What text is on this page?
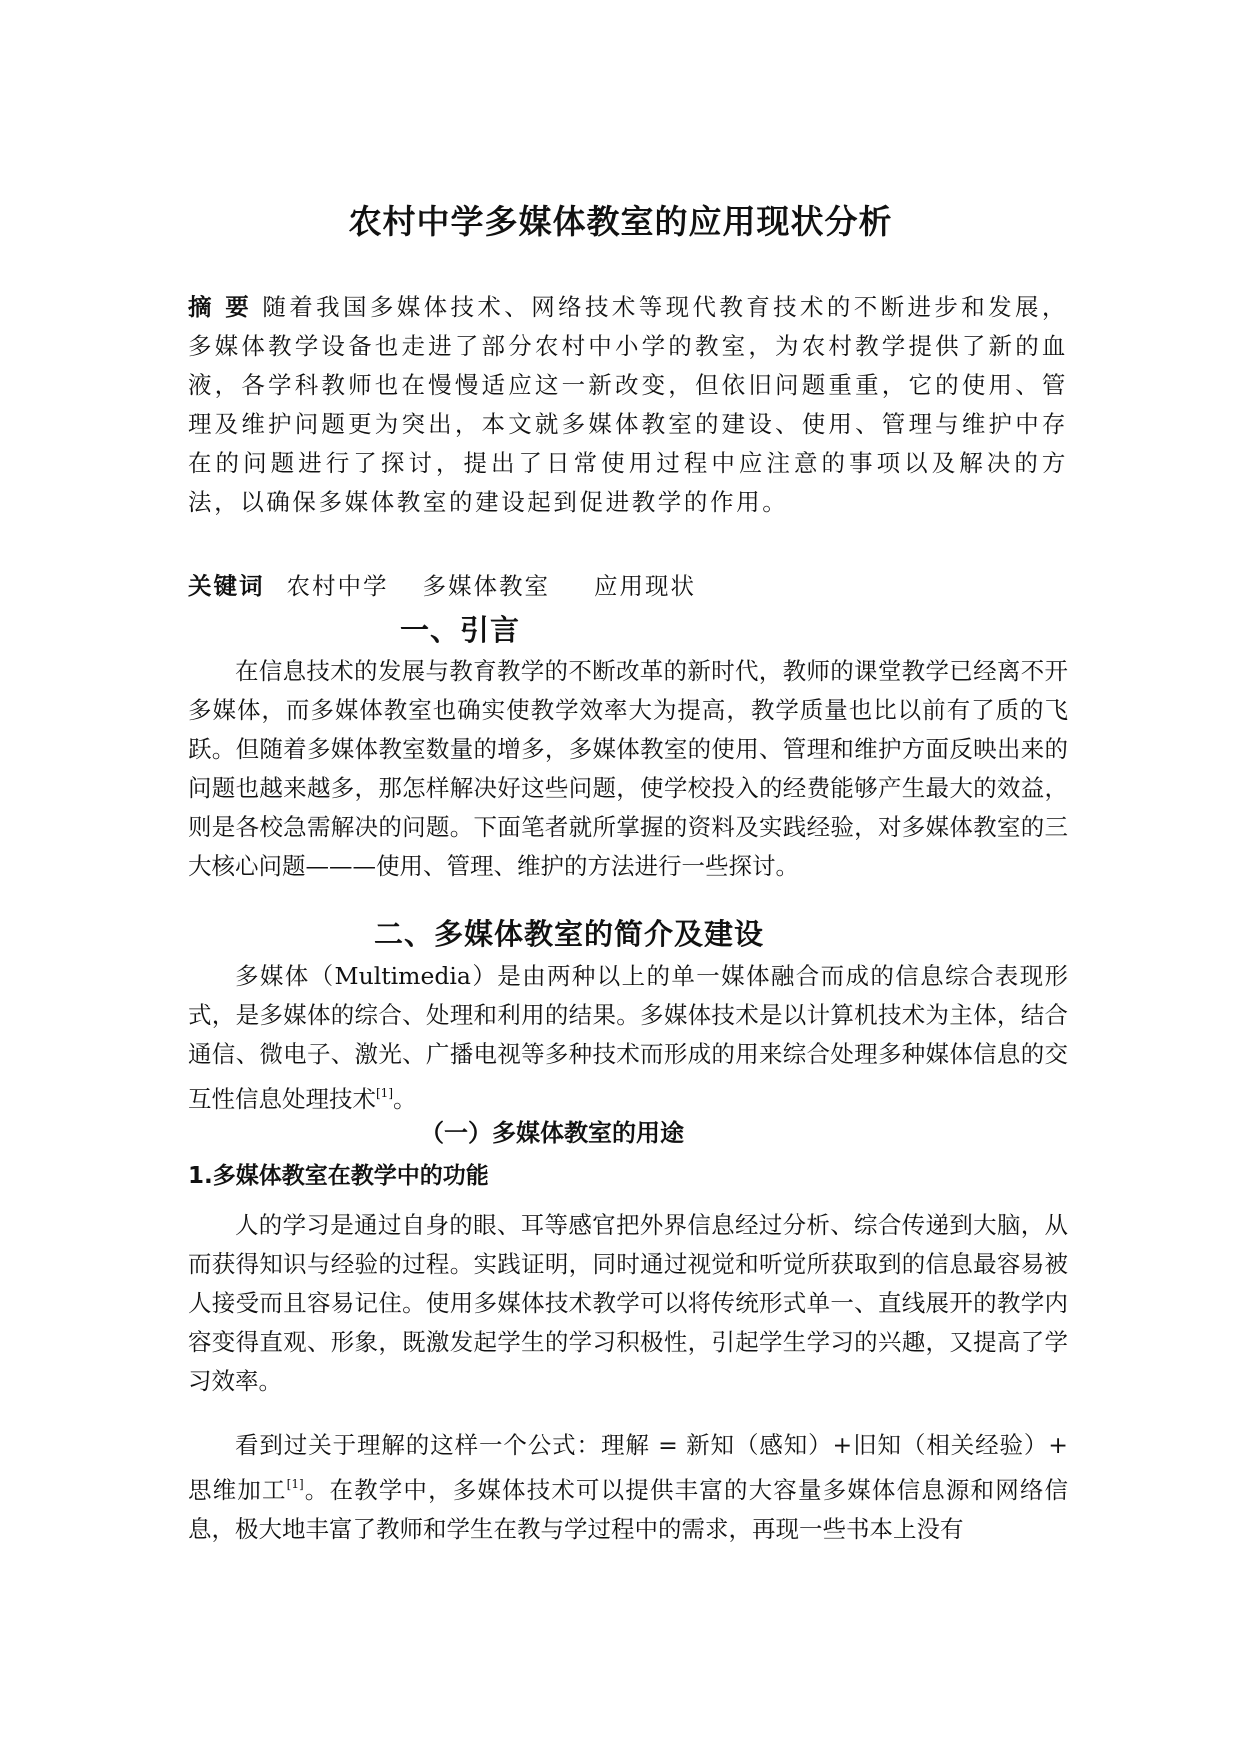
农村中学多媒体教室的应用现状分析

摘 要 随着我国多媒体技术、网络技术等现代教育技术的不断进步和发展，多媒体教学设备也走进了部分农村中小学的教室，为农村教学提供了新的血液，各学科教师也在慢慢适应这一新改变，但依旧问题重重，它的使用、管理及维护问题更为突出，本文就多媒体教室的建设、使用、管理与维护中存在的问题进行了探讨，提出了日常使用过程中应注意的事项以及解决的方法，以确保多媒体教室的建设起到促进教学的作用。

关键词 农村中学 多媒体教室 应用现状
一、引言

在信息技术的发展与教育教学的不断改革的新时代，教师的课堂教学已经离不开多媒体，而多媒体教室也确实使教学效率大为提高，教学质量也比以前有了质的飞跃。但随着多媒体教室数量的增多，多媒体教室的使用、管理和维护方面反映出来的问题也越来越多，那怎样解决好这些问题，使学校投入的经费能够产生最大的效益，则是各校急需解决的问题。下面笔者就所掌握的资料及实践经验，对多媒体教室的三大核心问题———使用、管理、维护的方法进行一些探讨。

二、多媒体教室的简介及建设

多媒体（Multimedia）是由两种以上的单一媒体融合而成的信息综合表现形式，是多媒体的综合、处理和利用的结果。多媒体技术是以计算机技术为主体，结合通信、微电子、激光、广播电视等多种技术而形成的用来综合处理多种媒体信息的交互性信息处理技术[1]。

（一）多媒体教室的用途
1.多媒体教室在教学中的功能

人的学习是通过自身的眼、耳等感官把外界信息经过分析、综合传递到大脑，从而获得知识与经验的过程。实践证明，同时通过视觉和听觉所获取到的信息最容易被人接受而且容易记住。使用多媒体技术教学可以将传统形式单一、直线展开的教学内容变得直观、形象，既激发起学生的学习积极性，引起学生学习的兴趣，又提高了学习效率。

看到过关于理解的这样一个公式：理解 = 新知（感知）+旧知（相关经验）+ 思维加工[1]。在教学中，多媒体技术可以提供丰富的大容量多媒体信息源和网络信息，极大地丰富了教师和学生在教与学过程中的需求，再现一些书本上没有
